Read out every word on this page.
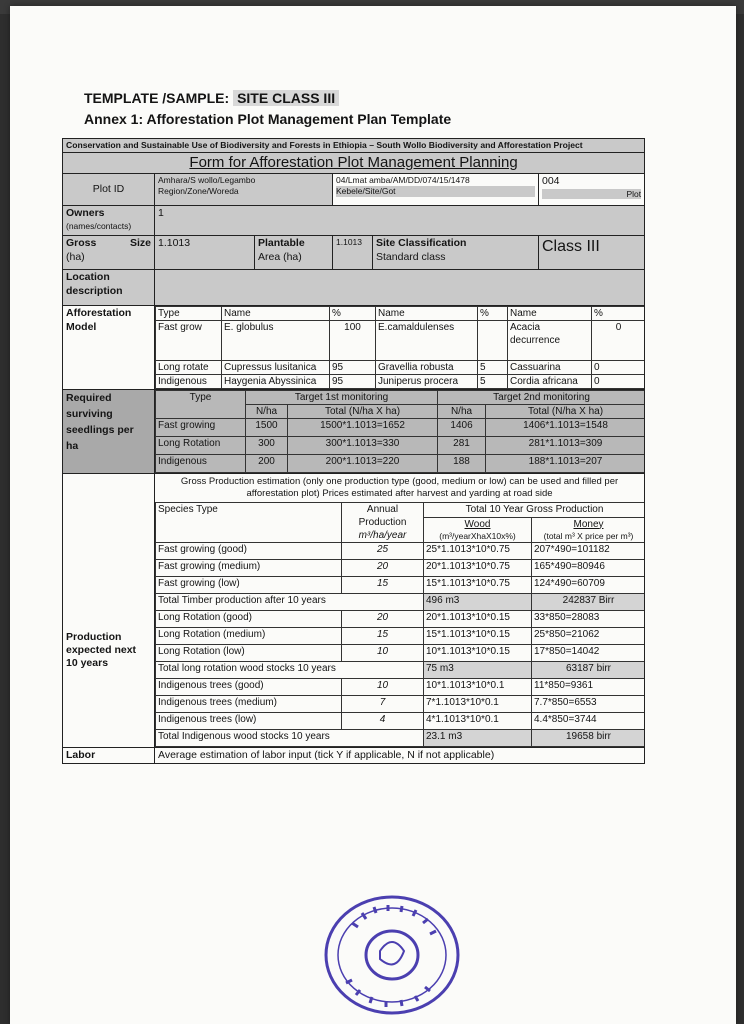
TEMPLATE /SAMPLE: SITE CLASS III
Annex 1: Afforestation Plot Management Plan Template
Conservation and Sustainable Use of Biodiversity and Forests in Ethiopia – South Wollo Biodiversity and Afforestation Project
Form for Afforestation Plot Management Planning
Plot ID	
Amhara/S wollo/Legambo
Region/Zone/Woreda

04/Lmat amba/AM/DD/074/15/1478
Kebele/Site/Got

004
Plot

Owners
(names/contacts)
	1

Gross	Size
(ha)
	1.1013	Plantable
Area (ha)
	1.1013	Site Classification
Standard class
	Class III

Location
description

Afforestation
Model

Type	Name	%	Name	%	Name	%
Fast grow	E. globulus	100	E.camaldulenses		Acacia decurrence	0
Long rotate	Cupressus lusitanica	95	Gravellia robusta	5	Cassuarina	0
Indigenous	Haygenia Abyssinica	95	Juniperus procera	5	Cordia africana	0

Required
surviving
seedlings per
ha

Type	Target 1st monitoring	Target 2nd monitoring
N/ha	Total (N/ha X ha)	N/ha	Total (N/ha X ha)
Fast growing	1500	1500*1.1013=1652	1406	1406*1.1013=1548
Long Rotation	300	300*1.1013=330	281	281*1.1013=309
Indigenous	200	200*1.1013=220	188	188*1.1013=207

Production
expected next
10 years

Gross Production estimation (only one production type (good, medium or low) can be used and filled per afforestation plot) Prices estimated after harvest and yarding at road side
Species Type	Annual Production
m³/ha/year
	Total 10 Year Gross Production

Wood
(m³/yearXhaX10x%)

Money
(total m³ X price per m³)

Fast growing (good)	25	25*1.1013*10*0.75	207*490=101182
Fast growing (medium)	20	20*1.1013*10*0.75	165*490=80946
Fast growing (low)	15	15*1.1013*10*0.75	124*490=60709
Total Timber production after 10 years	496 m3	242837 Birr
Long Rotation (good)	20	20*1.1013*10*0.15	33*850=28083
Long Rotation (medium)	15	15*1.1013*10*0.15	25*850=21062
Long Rotation (low)	10	10*1.1013*10*0.15	17*850=14042
Total long rotation wood stocks 10 years	75 m3	63187 birr
Indigenous trees (good)	10	10*1.1013*10*0.1	11*850=9361
Indigenous trees (medium)	7	7*1.1013*10*0.1	7.7*850=6553
Indigenous trees (low)	4	4*1.1013*10*0.1	4.4*850=3744
Total Indigenous wood stocks 10 years	23.1 m3	19658 birr

Labor	Average estimation of labor input (tick Y if applicable, N if not applicable)
